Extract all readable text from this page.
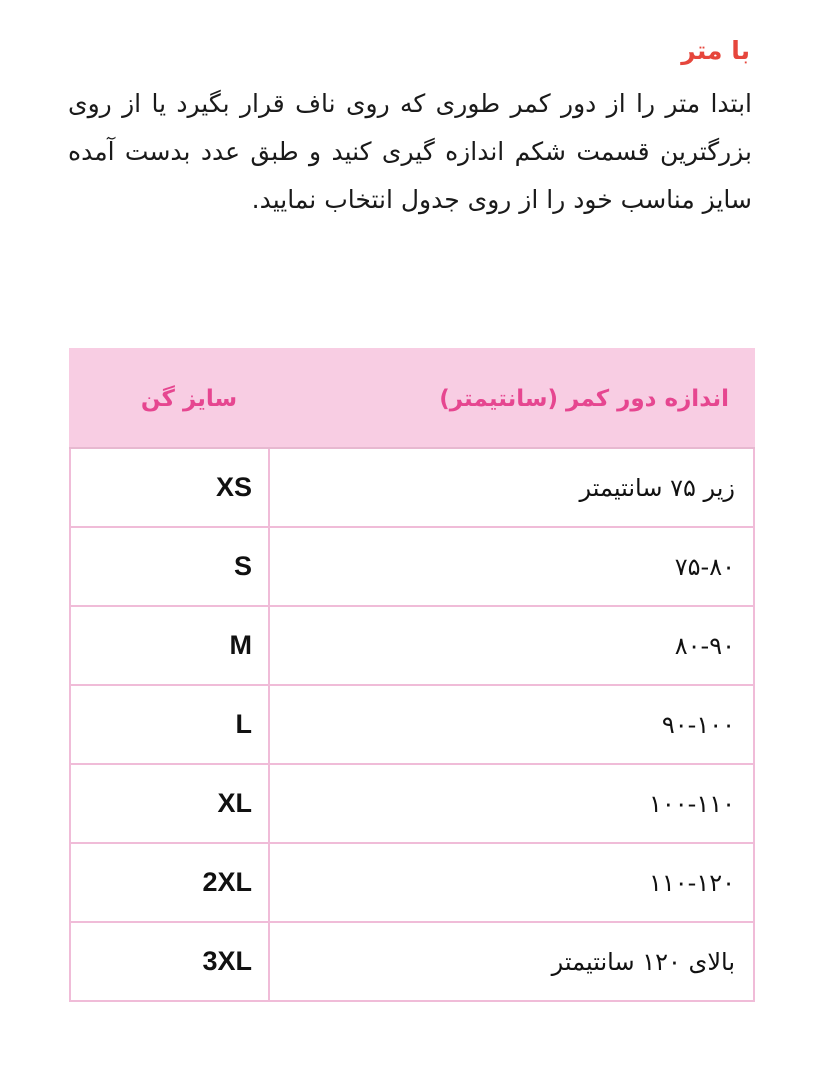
با متر

ابتدا متر را از دور کمر طوری که روی ناف قرار بگیرد یا از روی بزرگترین قسمت شکم اندازه گیری کنید و طبق عدد بدست آمده سایز مناسب خود را از روی جدول انتخاب نمایید.

اندازه دور کمر (سانتیمتر)	سایز گن
زیر ۷۵ سانتیمتر	XS

۷۵-۸۰	S

۸۰-۹۰	M

۹۰-۱۰۰	L

۱۰۰-۱۱۰	XL

۱۱۰-۱۲۰	2XL

بالای ۱۲۰ سانتیمتر	3XL
